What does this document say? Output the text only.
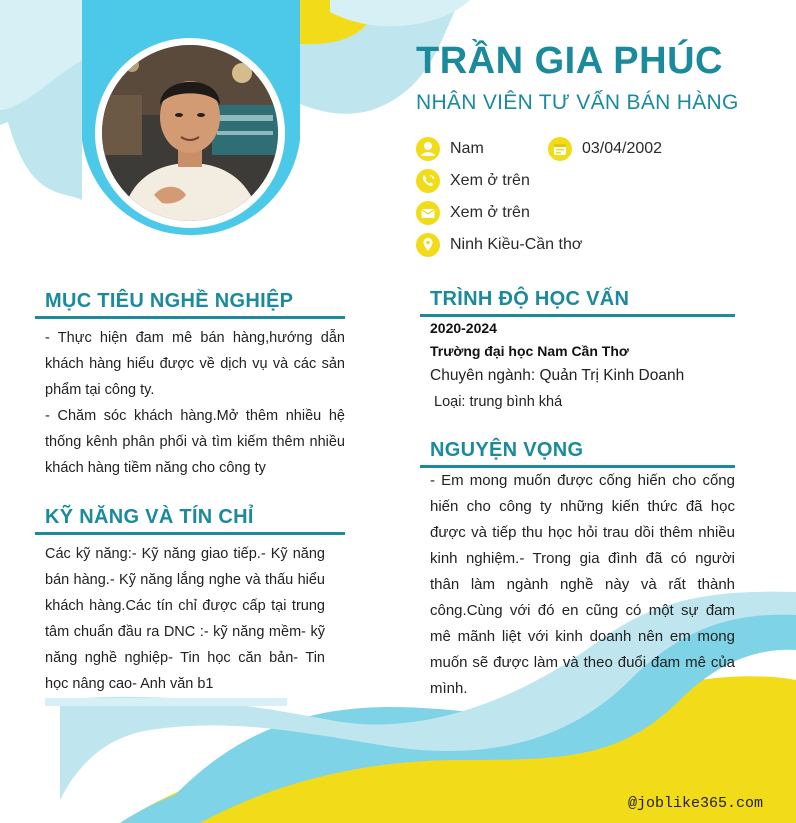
TRẦN GIA PHÚC
NHÂN VIÊN TƯ VẤN BÁN HÀNG
Nam	03/04/2002
Xem ở trên
Xem ở trên
Ninh Kiều-Cần thơ
MỤC TIÊU NGHỀ NGHIỆP

- Thực hiện đam mê bán hàng,hướng dẫn khách hàng hiểu được về dịch vụ và các sản phẩm tại công ty.

- Chăm sóc khách hàng.Mở thêm nhiều hệ thống kênh phân phối và tìm kiếm thêm nhiều khách hàng tiềm năng cho công ty

KỸ NĂNG VÀ TÍN CHỈ
Các kỹ năng:- Kỹ năng giao tiếp.- Kỹ năng bán hàng.- Kỹ năng lắng nghe và thấu hiểu khách hàng.Các tín chỉ được cấp tại trung tâm chuẩn đầu ra DNC :- kỹ năng mềm- kỹ năng nghề nghiệp- Tin học căn bản- Tin học nâng cao- Anh văn b1
TRÌNH ĐỘ HỌC VẤN
2020-2024
Trường đại học Nam Cần Thơ
Chuyên ngành: Quản Trị Kinh Doanh
Loại: trung bình khá
NGUYỆN VỌNG
- Em mong muốn được cống hiến cho cống hiến cho công ty những kiến thức đã học được và tiếp thu học hỏi trau dồi thêm nhiều kinh nghiệm.- Trong gia đình đã có người thân làm ngành nghề này và rất thành công.Cùng với đó en cũng có một sự đam mê mãnh liệt với kinh doanh nên em mong muốn sẽ được làm và theo đuổi đam mê của mình.
@joblike365.com
